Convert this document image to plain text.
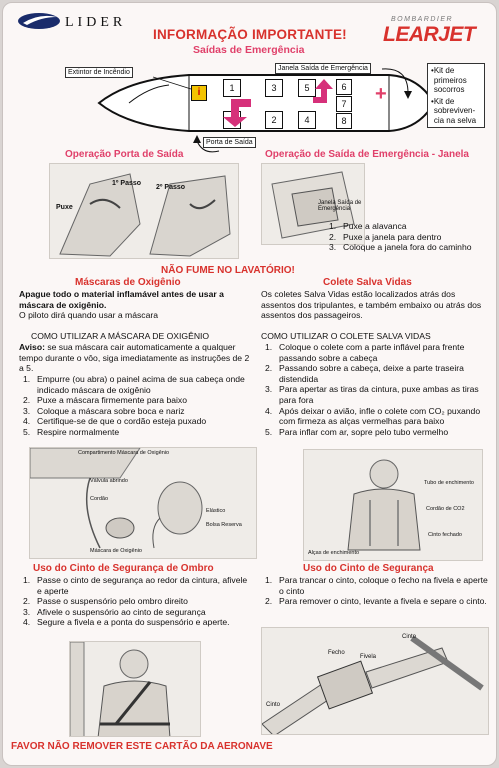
LIDER
INFORMAÇÃO IMPORTANTE!
Saídas de Emergência
BOMBARDIER
LEARJET
Extintor de Incêndio
Janela Saída de Emergência
i	1	3
2
5
4
6
7
8
+
• Kit de primeiros socorros
• Kit de sobreviven- cia na selva
Porta de Saída
Operação Porta de Saída
1º Passo
2º Passo
Puxe
Operação de Saída de Emergência - Janela
Janela Saída de Emergência
1. Puxe a alavanca
2. Puxe a janela para dentro
3. Coloque a janela fora do caminho
NÃO FUME NO LAVATÓRIO!
Máscaras de Oxigênio
Apague todo o material inflamável antes de usar a máscara de oxigênio.
O piloto dirá quando usar a máscara
COMO UTILIZAR A MÁSCARA DE OXIGÊNIO
Aviso: se sua máscara cair automaticamente a qualquer tempo durante o vôo, siga imediatamente as instruções de 2 a 5.
1. Empurre (ou abra) o painel acima de sua cabeça onde indicado máscara de oxigênio
2. Puxe a máscara firmemente para baixo
3. Coloque a máscara sobre boca e nariz
4. Certifique-se de que o cordão esteja puxado
5. Respire normalmente
Compartimento Máscara de Oxigênio
Válvula abrindo
Cordão
Elástico
Bolsa Reserva
Máscara de Oxigênio
Colete Salva Vidas
Os coletes Salva Vidas estão localizados atrás dos assentos dos tripulantes, e também embaixo ou atrás dos assentos dos passageiros.
COMO UTILIZAR O COLETE SALVA VIDAS
1. Coloque o colete com a parte inflável para frente passando sobre a cabeça
2. Passando sobre a cabeça, deixe a parte traseira distendida
3. Para apertar as tiras da cintura, puxe ambas as tiras para fora
4. Após deixar o avião, infle o colete com CO₂ puxando com firmeza as alças vermelhas para baixo
5. Para inflar com ar, sopre pelo tubo vermelho
Tubo de enchimento
Cordão de CO2
Cinto fechado
Alças de enchimento
Uso do Cinto de Segurança de Ombro
1. Passe o cinto de segurança ao redor da cintura, afivele e aperte
2. Passe o suspensório pelo ombro direito
3. Afivele o suspensório ao cinto de segurança
4. Segure a fivela e a ponta do suspensório e aperte.
Uso do Cinto de Segurança
1. Para trancar o cinto, coloque o fecho na fivela e aperte o cinto
2. Para remover o cinto, levante a fivela e separe o cinto.
Cinto
Fivela
Cinto
Fecho
FAVOR NÃO REMOVER ESTE CARTÃO DA AERONAVE
